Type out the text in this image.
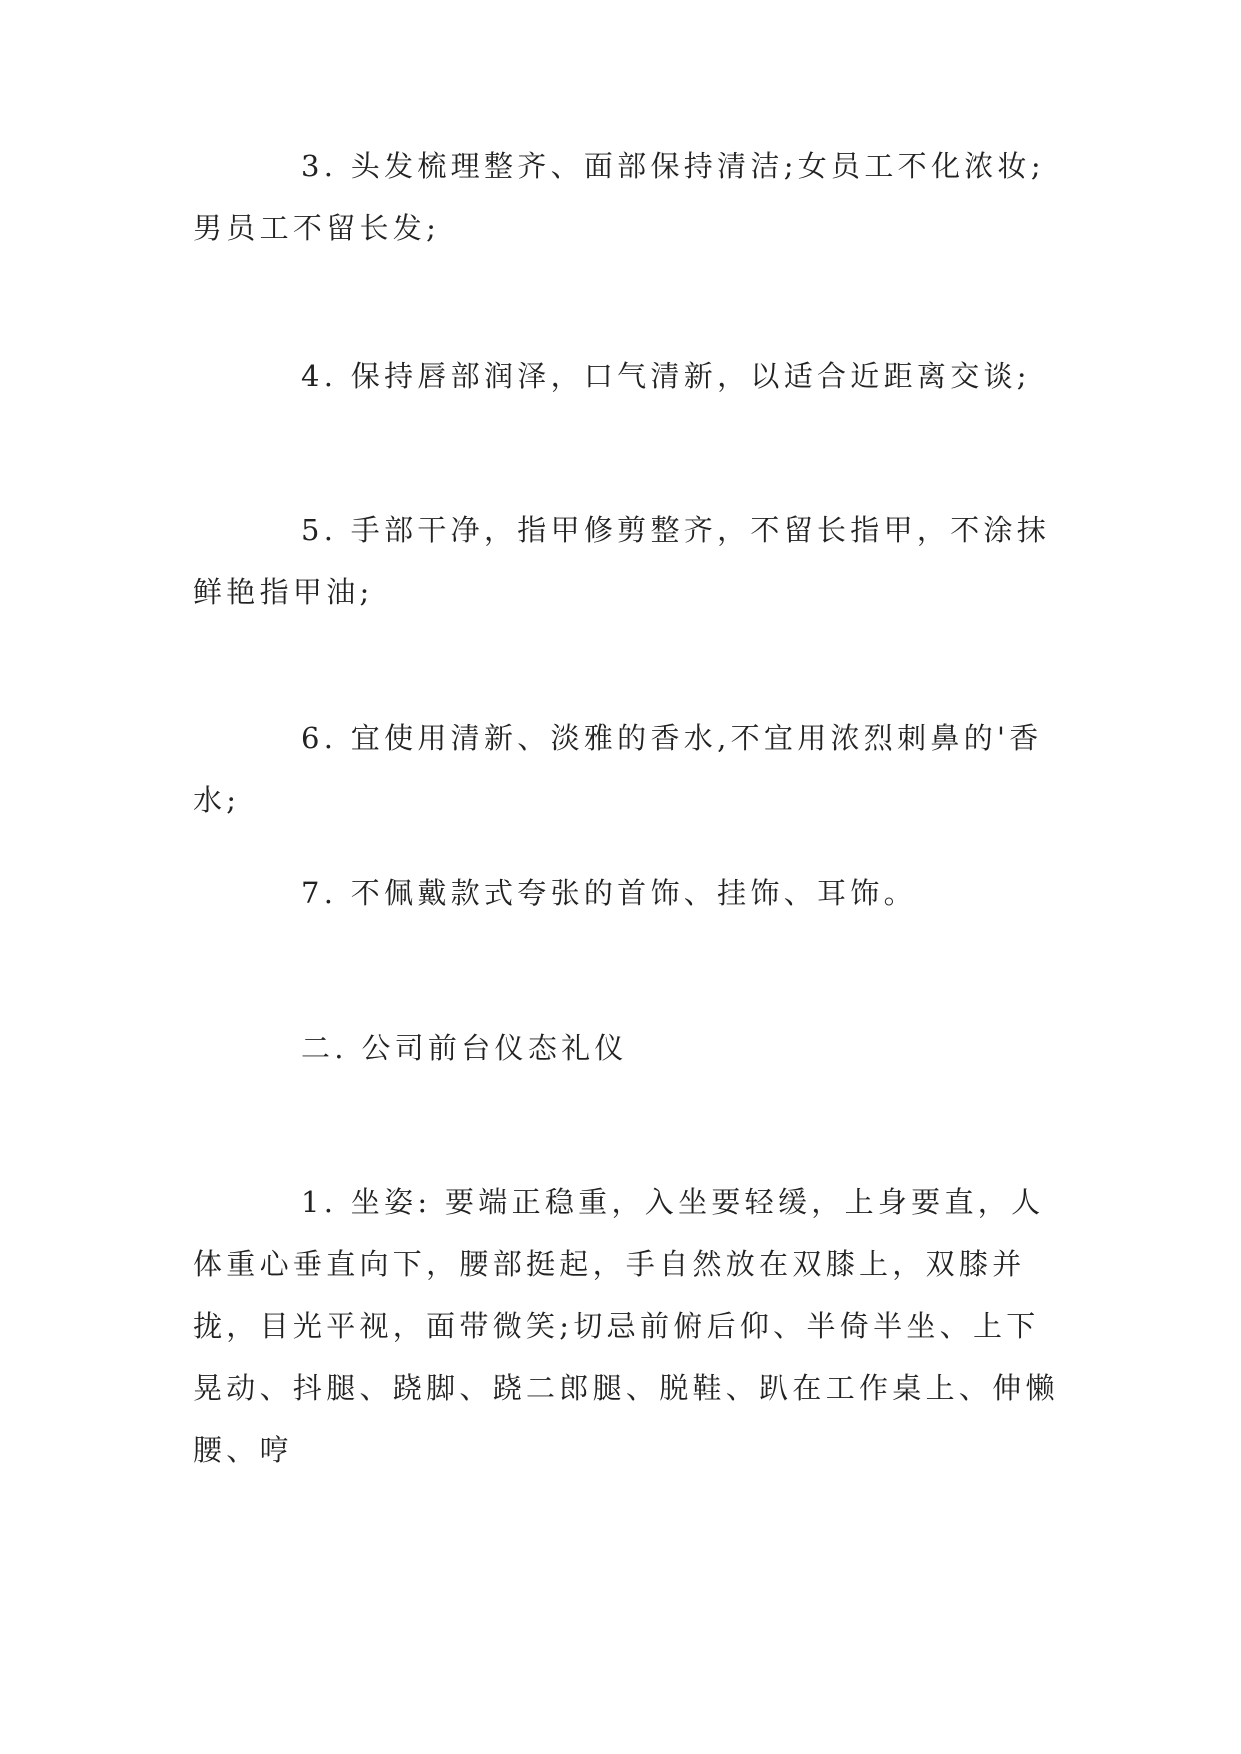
3. 头发梳理整齐、面部保持清洁;女员工不化浓妆;男员工不留长发;

4. 保持唇部润泽，口气清新，以适合近距离交谈;

5. 手部干净，指甲修剪整齐，不留长指甲，不涂抹鲜艳指甲油;

6. 宜使用清新、淡雅的香水,不宜用浓烈刺鼻的'香水;

7. 不佩戴款式夸张的首饰、挂饰、耳饰。

二. 公司前台仪态礼仪

1. 坐姿: 要端正稳重，入坐要轻缓，上身要直，人体重心垂直向下，腰部挺起，手自然放在双膝上，双膝并拢，目光平视，面带微笑;切忌前俯后仰、半倚半坐、上下晃动、抖腿、跷脚、跷二郎腿、脱鞋、趴在工作桌上、伸懒腰、哼
